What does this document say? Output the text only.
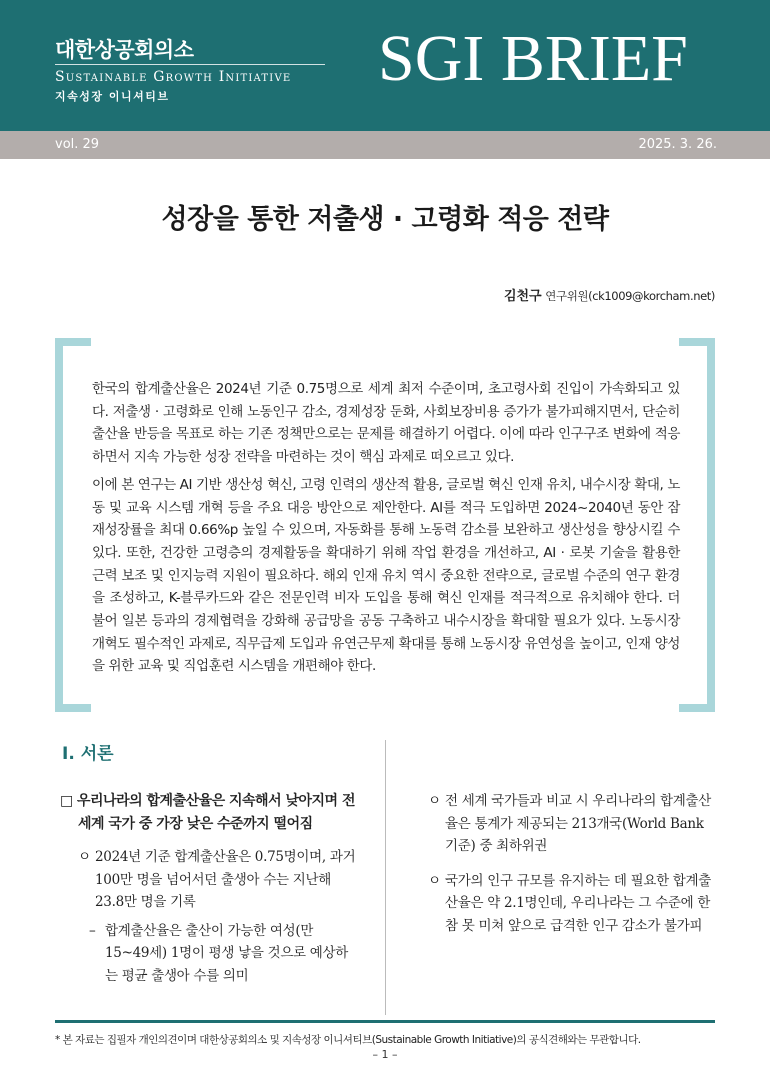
대한상공회의소
Sustainable Growth Initiative
지속성장 이니셔티브
SGI BRIEF
vol. 29	2025. 3. 26.
성장을 통한 저출생 · 고령화 적응 전략
김천구 연구위원(ck1009@korcham.net)

한국의 합계출산율은 2024년 기준 0.75명으로 세계 최저 수준이며, 초고령사회 진입이 가속화되고 있다. 저출생 · 고령화로 인해 노동인구 감소, 경제성장 둔화, 사회보장비용 증가가 불가피해지면서, 단순히 출산율 반등을 목표로 하는 기존 정책만으로는 문제를 해결하기 어렵다. 이에 따라 인구구조 변화에 적응하면서 지속 가능한 성장 전략을 마련하는 것이 핵심 과제로 떠오르고 있다.

이에 본 연구는 AI 기반 생산성 혁신, 고령 인력의 생산적 활용, 글로벌 혁신 인재 유치, 내수시장 확대, 노동 및 교육 시스템 개혁 등을 주요 대응 방안으로 제안한다. AI를 적극 도입하면 2024~2040년 동안 잠재성장률을 최대 0.66%p 높일 수 있으며, 자동화를 통해 노동력 감소를 보완하고 생산성을 향상시킬 수 있다. 또한, 건강한 고령층의 경제활동을 확대하기 위해 작업 환경을 개선하고, AI · 로봇 기술을 활용한 근력 보조 및 인지능력 지원이 필요하다. 해외 인재 유치 역시 중요한 전략으로, 글로벌 수준의 연구 환경을 조성하고, K-블루카드와 같은 전문인력 비자 도입을 통해 혁신 인재를 적극적으로 유치해야 한다. 더불어 일본 등과의 경제협력을 강화해 공급망을 공동 구축하고 내수시장을 확대할 필요가 있다. 노동시장 개혁도 필수적인 과제로, 직무급제 도입과 유연근무제 확대를 통해 노동시장 유연성을 높이고, 인재 양성을 위한 교육 및 직업훈련 시스템을 개편해야 한다.

Ⅰ. 서론
□ 우리나라의 합계출산율은 지속해서 낮아지며 전 세계 국가 중 가장 낮은 수준까지 떨어짐
ㅇ 2024년 기준 합계출산율은 0.75명이며, 과거 100만 명을 넘어서던 출생아 수는 지난해 23.8만 명을 기록
– 합계출산율은 출산이 가능한 여성(만 15~49세) 1명이 평생 낳을 것으로 예상하는 평균 출생아 수를 의미
ㅇ 전 세계 국가들과 비교 시 우리나라의 합계출산율은 통계가 제공되는 213개국(World Bank 기준) 중 최하위권
ㅇ 국가의 인구 규모를 유지하는 데 필요한 합계출산율은 약 2.1명인데, 우리나라는 그 수준에 한참 못 미쳐 앞으로 급격한 인구 감소가 불가피
* 본 자료는 집필자 개인의견이며 대한상공회의소 및 지속성장 이니셔티브(Sustainable Growth Initiative)의 공식견해와는 무관합니다.
– 1 –
